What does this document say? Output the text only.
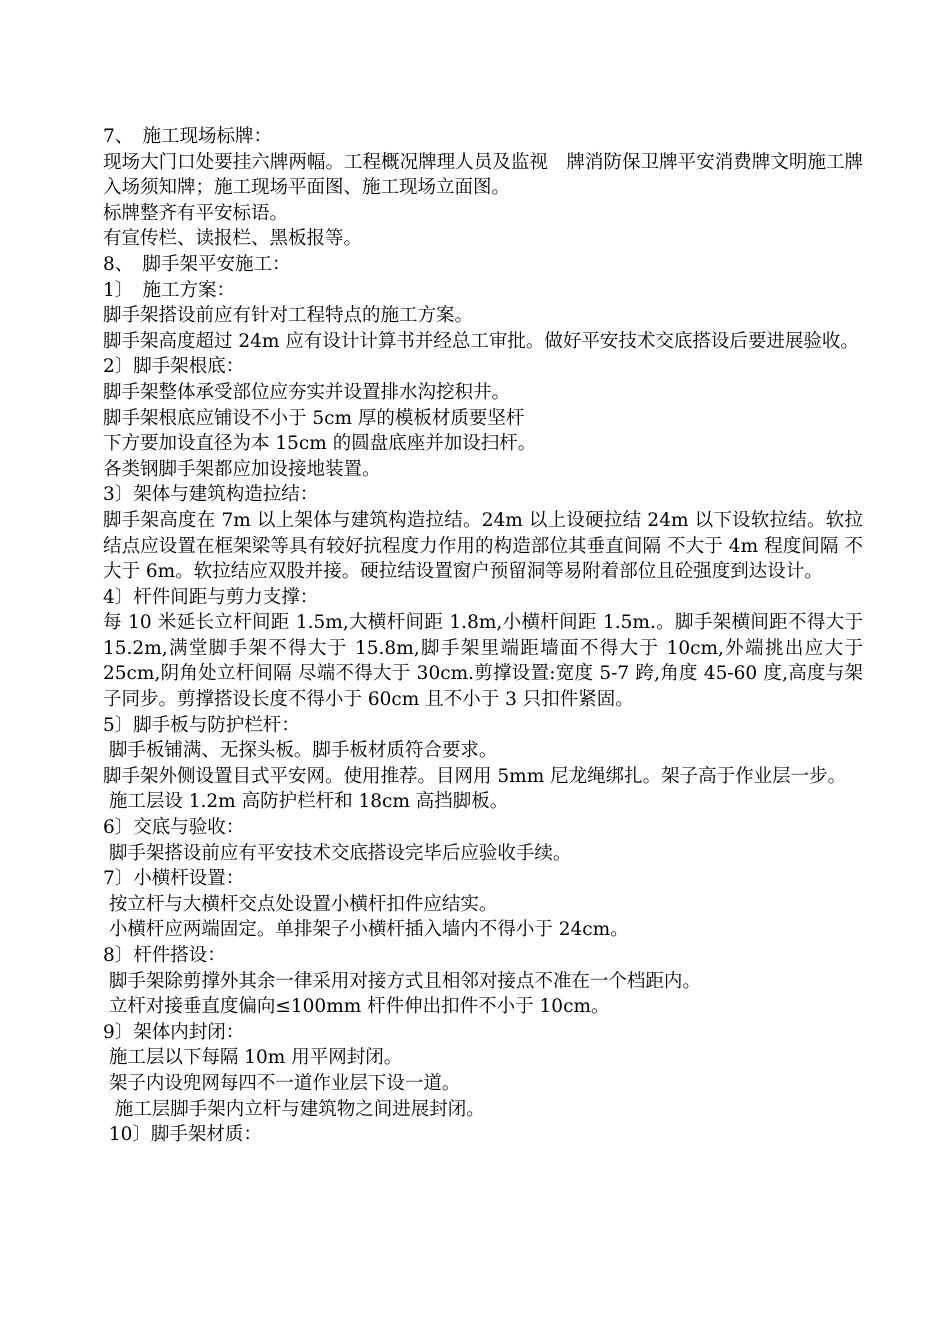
7、　施工现场标牌：
现场大门口处要挂六牌两幅。工程概况牌理人员及监视　牌消防保卫牌平安消费牌文明施工牌入场须知牌；施工现场平面图、施工现场立面图。
标牌整齐有平安标语。
有宣传栏、读报栏、黑板报等。
8、　脚手架平安施工：
1〕　施工方案：
脚手架搭设前应有针对工程特点的施工方案。
脚手架高度超过 24m 应有设计计算书并经总工审批。做好平安技术交底搭设后要进展验收。
2〕脚手架根底：
脚手架整体承受部位应夯实并设置排水沟挖积井。
脚手架根底应铺设不小于 5cm 厚的模板材质要坚杆
下方要加设直径为本 15cm 的圆盘底座并加设扫杆。
各类钢脚手架都应加设接地装置。
3〕架体与建筑构造拉结：
脚手架高度在 7m 以上架体与建筑构造拉结。24m 以上设硬拉结 24m 以下设软拉结。软拉结点应设置在框架梁等具有较好抗程度力作用的构造部位其垂直间隔 不大于 4m 程度间隔 不大于 6m。软拉结应双股并接。硬拉结设置窗户预留洞等易附着部位且砼强度到达设计。
4〕杆件间距与剪力支撑：
每 10 米延长立杆间距 1.5m,大横杆间距 1.8m,小横杆间距 1.5m.。脚手架横间距不得大于 15.2m,满堂脚手架不得大于 15.8m,脚手架里端距墙面不得大于 10cm,外端挑出应大于 25cm,阴角处立杆间隔 尽端不得大于 30cm.剪撑设置:宽度 5-7 跨,角度 45-60 度,高度与架子同步。剪撑搭设长度不得小于 60cm 且不小于 3 只扣件紧固。
5〕脚手板与防护栏杆：
脚手板铺满、无探头板。脚手板材质符合要求。
脚手架外侧设置目式平安网。使用推荐。目网用 5mm 尼龙绳绑扎。架子高于作业层一步。
施工层设 1.2m 高防护栏杆和 18cm 高挡脚板。
6〕交底与验收：
脚手架搭设前应有平安技术交底搭设完毕后应验收手续。
7〕小横杆设置：
按立杆与大横杆交点处设置小横杆扣件应结实。
小横杆应两端固定。单排架子小横杆插入墙内不得小于 24cm。
8〕杆件搭设：
脚手架除剪撑外其余一律采用对接方式且相邻对接点不准在一个档距内。
立杆对接垂直度偏向≤100mm 杆件伸出扣件不小于 10cm。
9〕架体内封闭：
施工层以下每隔 10m 用平网封闭。
架子内设兜网每四不一道作业层下设一道。
施工层脚手架内立杆与建筑物之间进展封闭。
10〕脚手架材质：
